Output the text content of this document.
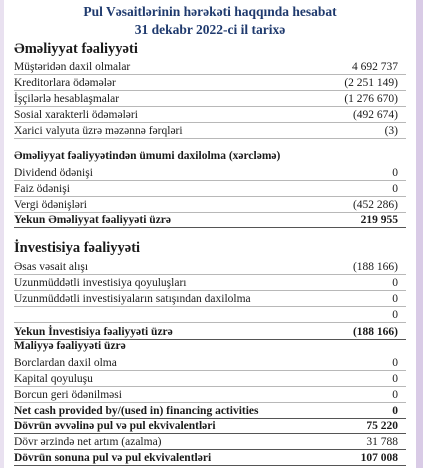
Pul Vəsaitlərinin hərəkəti haqqında hesabat
31 dekabr 2022-ci il tarixə
Əməliyyat fəaliyyəti
Müştəridən daxil olmalar	4 692 737
Kreditorlara ödəmələr	(2 251 149)
İşçilərlə hesablaşmalar	(1 276 670)
Sosial xarakterli ödəmələri	(492 674)
Xarici valyuta üzrə məzənnə fərqləri	(3)
Əməliyyat fəaliyyətindən ümumi daxilolma (xərcləmə)
Dividend ödənişi	0
Faiz ödənişi	0
Vergi ödənişləri	(452 286)
Yekun Əməliyyat fəaliyyəti üzrə	219 955
İnvestisiya fəaliyyəti
Əsas vəsait alışı	(188 166)
Uzunmüddətli investisiya qoyuluşları	0
Uzunmüddətli investisiyaların satışından daxilolma	0
0
Yekun İnvestisiya fəaliyyəti üzrə	(188 166)
Maliyyə fəaliyyəti üzrə
Borclardan daxil olma	0
Kapital qoyuluşu	0
Borcun geri ödənilməsi	0
Net cash provided by/(used in) financing activities	0
Dövrün əvvəlinə pul və pul ekvivalentləri	75 220
Dövr ərzində net artım (azalma)	31 788
Dövrün sonuna pul və pul ekvivalentləri	107 008
